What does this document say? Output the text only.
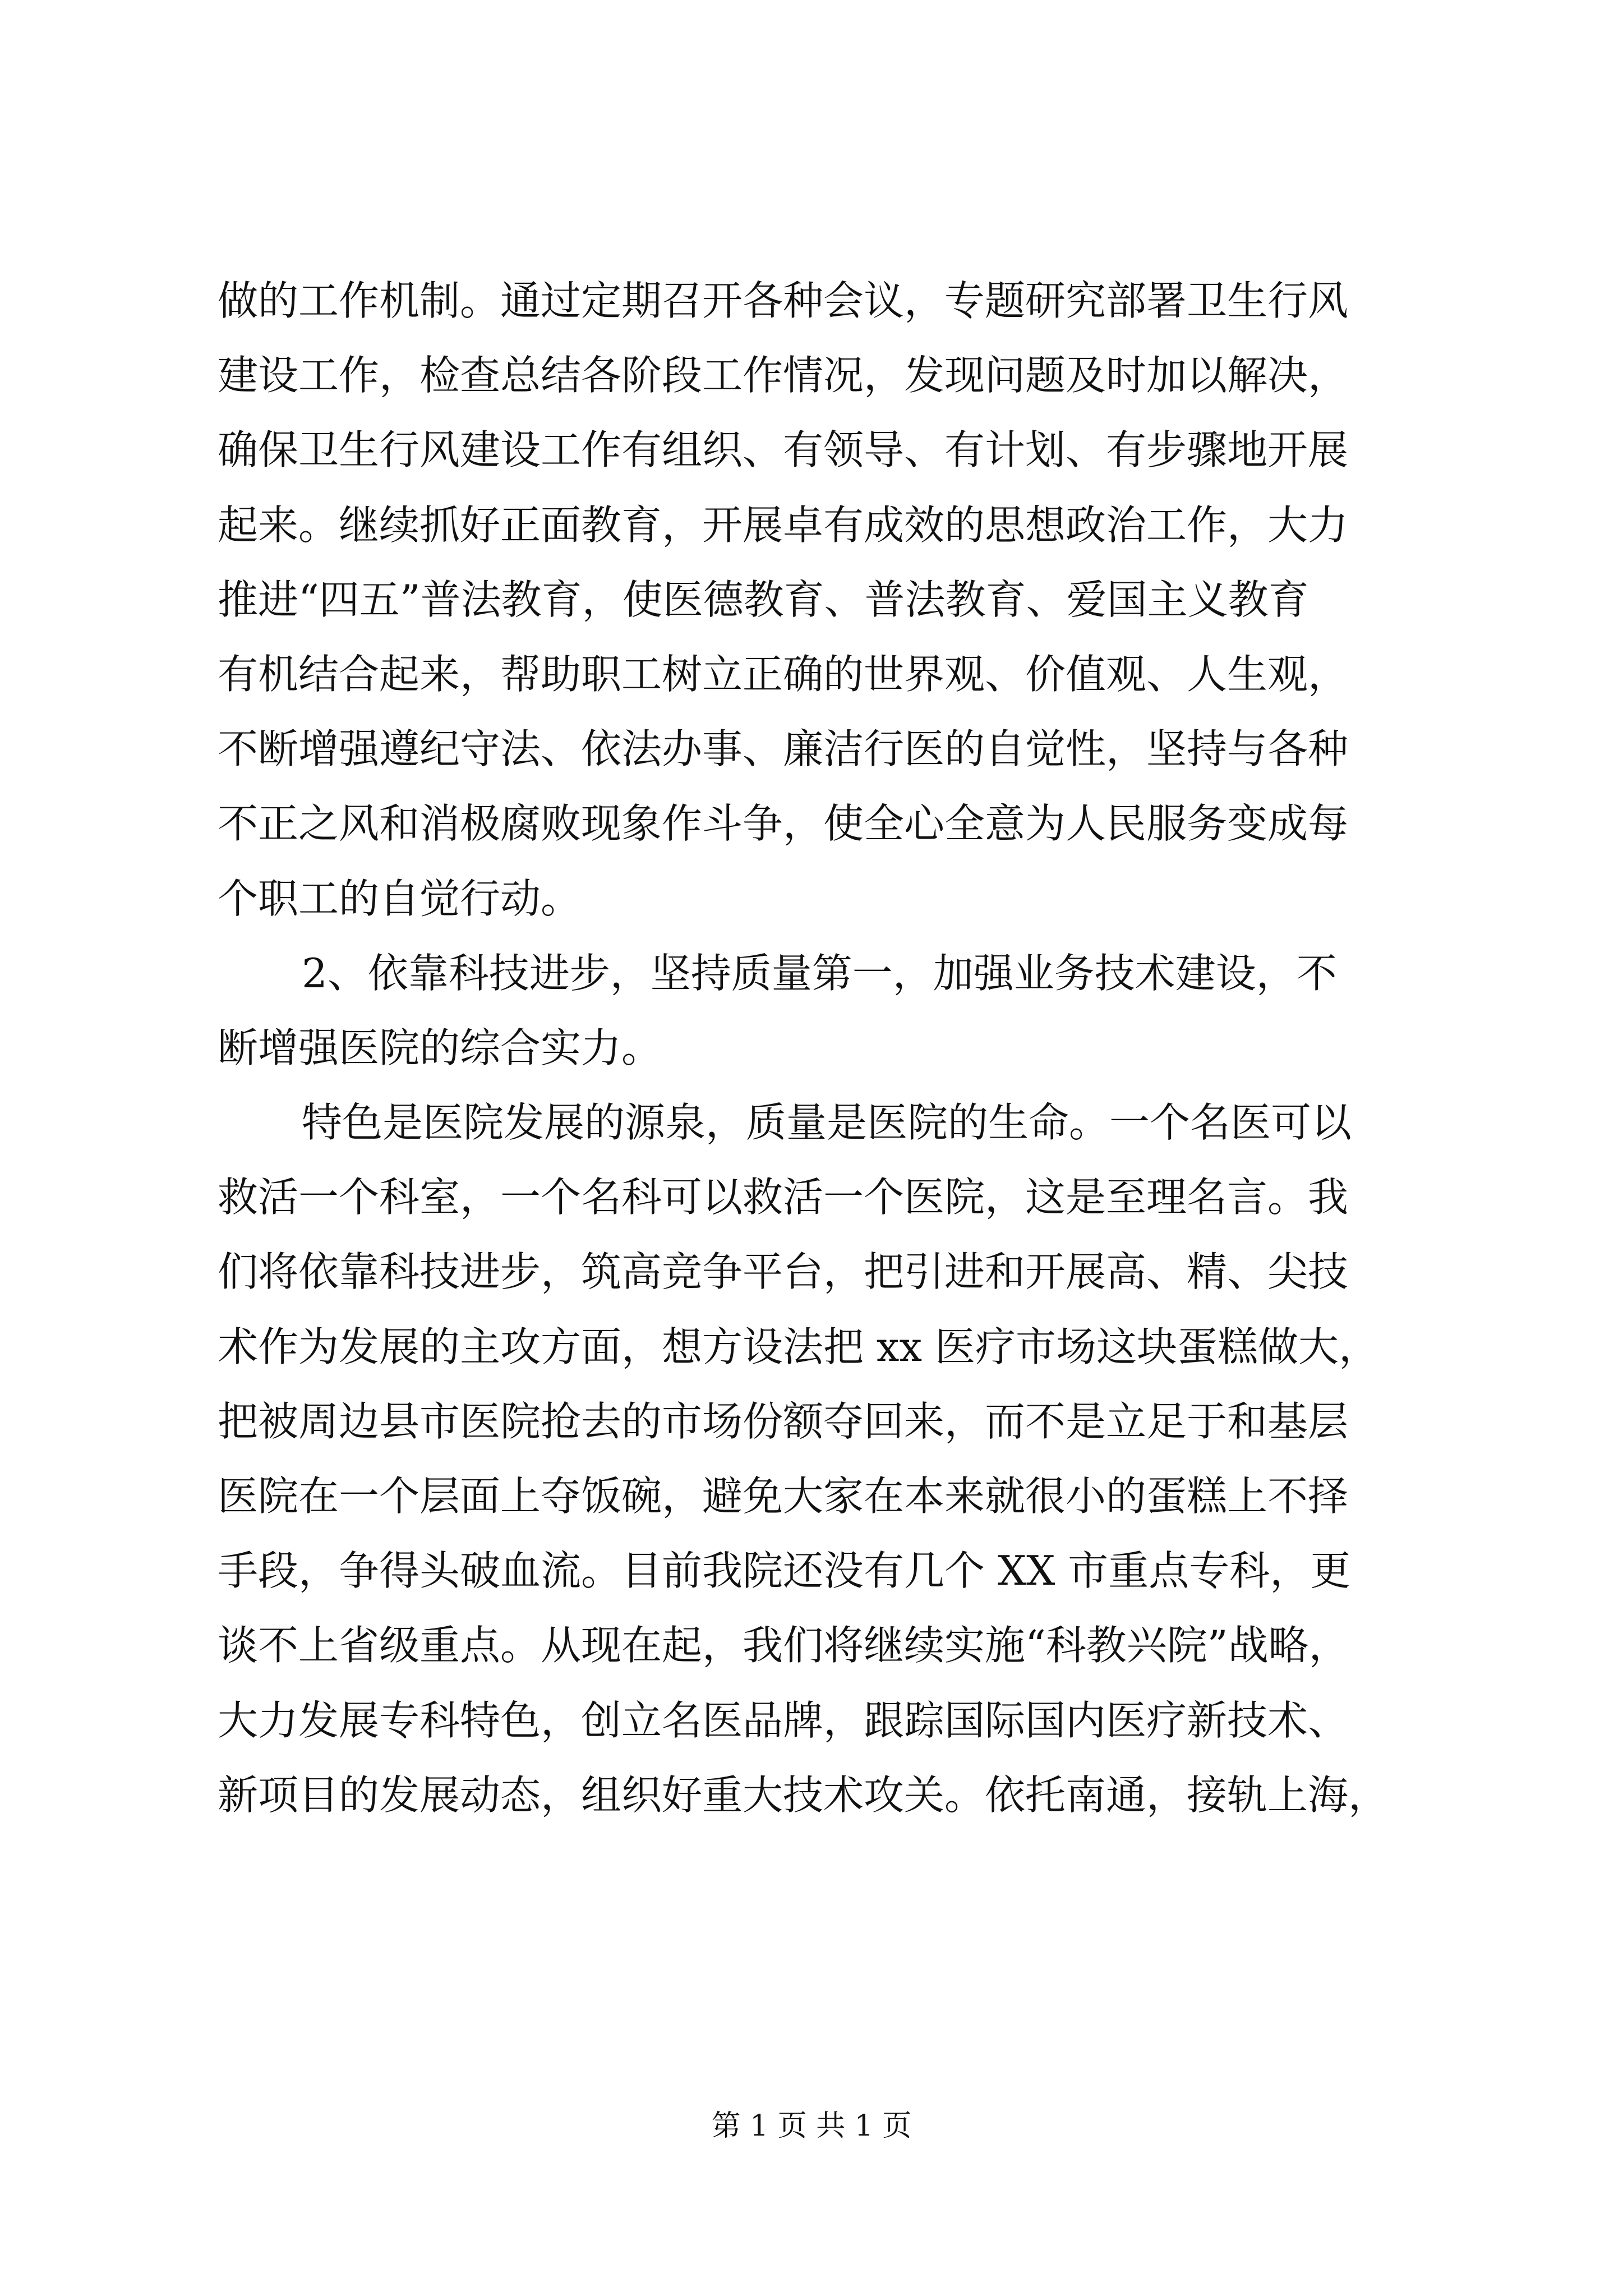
做的工作机制。通过定期召开各种会议，专题研究部署卫生行风
建设工作，检查总结各阶段工作情况，发现问题及时加以解决，
确保卫生行风建设工作有组织、有领导、有计划、有步骤地开展
起来。继续抓好正面教育，开展卓有成效的思想政治工作，大力
推进“四五”普法教育，使医德教育、普法教育、爱国主义教育
有机结合起来，帮助职工树立正确的世界观、价值观、人生观，
不断增强遵纪守法、依法办事、廉洁行医的自觉性，坚持与各种
不正之风和消极腐败现象作斗争，使全心全意为人民服务变成每
个职工的自觉行动。
2、依靠科技进步，坚持质量第一，加强业务技术建设，不
断增强医院的综合实力。
特色是医院发展的源泉，质量是医院的生命。一个名医可以
救活一个科室，一个名科可以救活一个医院，这是至理名言。我
们将依靠科技进步，筑高竞争平台，把引进和开展高、精、尖技
术作为发展的主攻方面，想方设法把 xx 医疗市场这块蛋糕做大，
把被周边县市医院抢去的市场份额夺回来，而不是立足于和基层
医院在一个层面上夺饭碗，避免大家在本来就很小的蛋糕上不择
手段，争得头破血流。目前我院还没有几个 XX 市重点专科，更
谈不上省级重点。从现在起，我们将继续实施“科教兴院”战略，
大力发展专科特色，创立名医品牌，跟踪国际国内医疗新技术、
新项目的发展动态，组织好重大技术攻关。依托南通，接轨上海，
第 1 页 共 1 页
